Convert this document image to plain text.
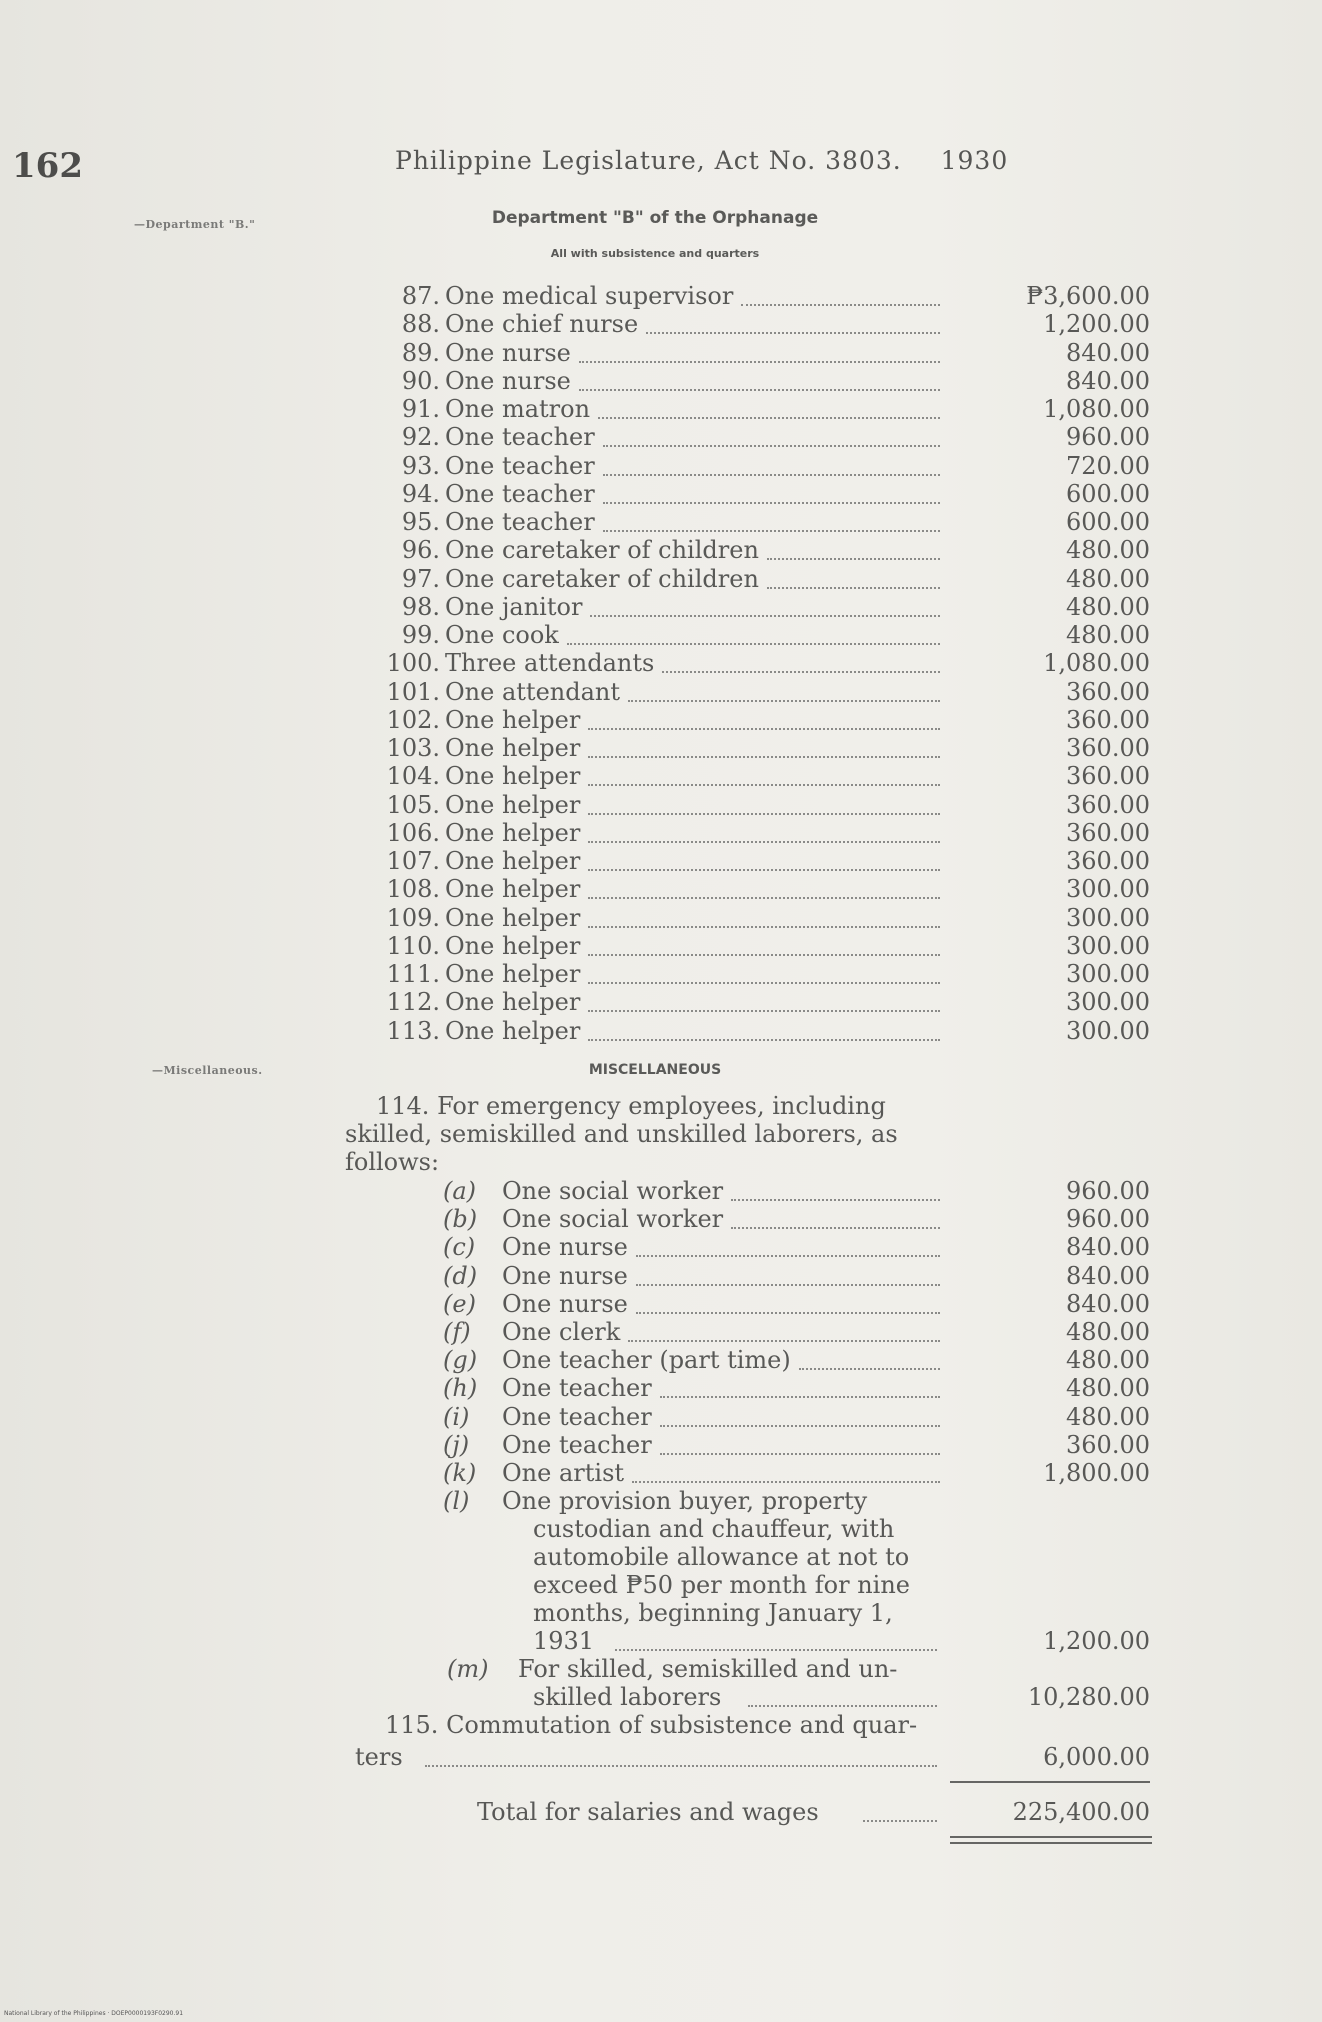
162	Philippine Legislature, Act No. 3803. 1930
—Department "B."
—Miscellaneous.
Department "B" of the Orphanage
All with subsistence and quarters
87. One medical supervisor	₱3,600.00
88. One chief nurse	1,200.00
89. One nurse	840.00
90. One nurse	840.00
91. One matron	1,080.00
92. One teacher	960.00
93. One teacher	720.00
94. One teacher	600.00
95. One teacher	600.00
96. One caretaker of children	480.00
97. One caretaker of children	480.00
98. One janitor	480.00
99. One cook	480.00
100. Three attendants	1,080.00
101. One attendant	360.00
102. One helper	360.00
103. One helper	360.00
104. One helper	360.00
105. One helper	360.00
106. One helper	360.00
107. One helper	360.00
108. One helper	300.00
109. One helper	300.00
110. One helper	300.00
111. One helper	300.00
112. One helper	300.00
113. One helper	300.00
MISCELLANEOUS
114. For emergency employees, including
skilled, semiskilled and unskilled laborers, as
follows:
(a) One social worker	960.00
(b) One social worker	960.00
(c) One nurse	840.00
(d) One nurse	840.00
(e) One nurse	840.00
(f) One clerk	480.00
(g) One teacher (part time)	480.00
(h) One teacher	480.00
(i) One teacher	480.00
(j) One teacher	360.00
(k) One artist	1,800.00
(l) One provision buyer, property
custodian and chauffeur, with
automobile allowance at not to
exceed ₱50 per month for nine
months, beginning January 1,
1931	1,200.00
(m) For skilled, semiskilled and un-
skilled laborers	10,280.00
115. Commutation of subsistence and quar-
ters	6,000.00
Total for salaries and wages	225,400.00
National Library of the Philippines · DOEP0000193F0290.91
